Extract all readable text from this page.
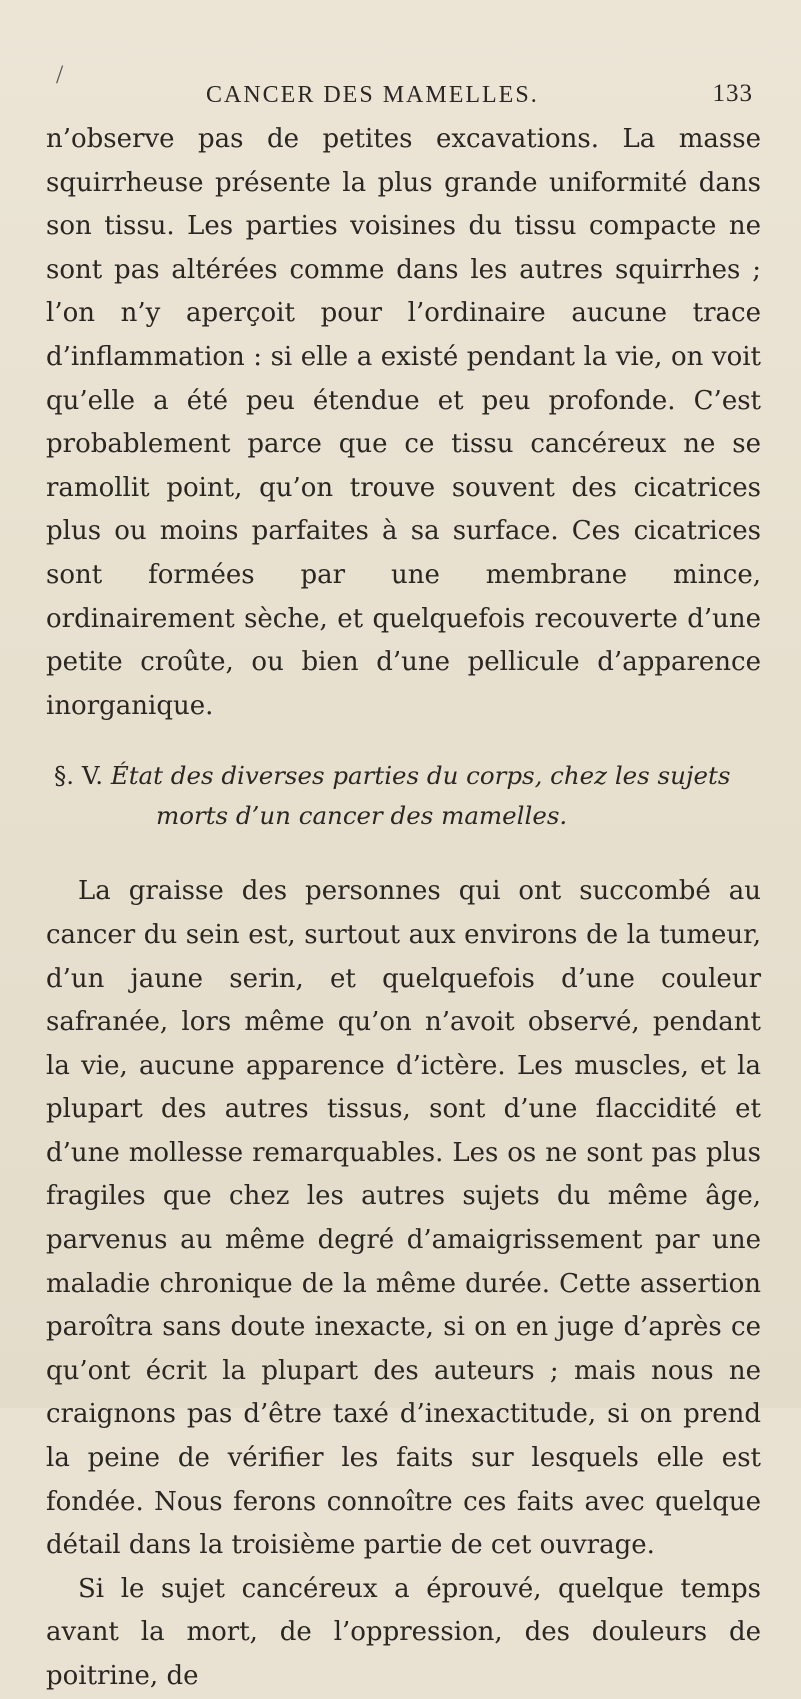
/
CANCER DES MAMELLES.	133

n’observe pas de petites excavations. La masse squirrheuse présente la plus grande uniformité dans son tissu. Les parties voisines du tissu compacte ne sont pas altérées comme dans les autres squirrhes ; l’on n’y aperçoit pour l’ordinaire aucune trace d’inflammation : si elle a existé pendant la vie, on voit qu’elle a été peu étendue et peu profonde. C’est probablement parce que ce tissu cancéreux ne se ramollit point, qu’on trouve souvent des cicatrices plus ou moins parfaites à sa surface. Ces cicatrices sont formées par une membrane mince, ordinairement sèche, et quelquefois recouverte d’une petite croûte, ou bien d’une pellicule d’apparence inorganique.

§. V. État des diverses parties du corps, chez les sujets
morts d’un cancer des mamelles.

La graisse des personnes qui ont succombé au cancer du sein est, surtout aux environs de la tumeur, d’un jaune serin, et quelquefois d’une couleur safranée, lors même qu’on n’avoit observé, pendant la vie, aucune apparence d’ictère. Les muscles, et la plupart des autres tissus, sont d’une flaccidité et d’une mollesse remarquables. Les os ne sont pas plus fragiles que chez les autres sujets du même âge, parvenus au même degré d’amaigrissement par une maladie chronique de la même durée. Cette assertion paroîtra sans doute inexacte, si on en juge d’après ce qu’ont écrit la plupart des auteurs ; mais nous ne craignons pas d’être taxé d’inexactitude, si on prend la peine de vérifier les faits sur lesquels elle est fondée. Nous ferons connoître ces faits avec quelque détail dans la troisième partie de cet ouvrage.

Si le sujet cancéreux a éprouvé, quelque temps avant la mort, de l’oppression, des douleurs de poitrine, de
